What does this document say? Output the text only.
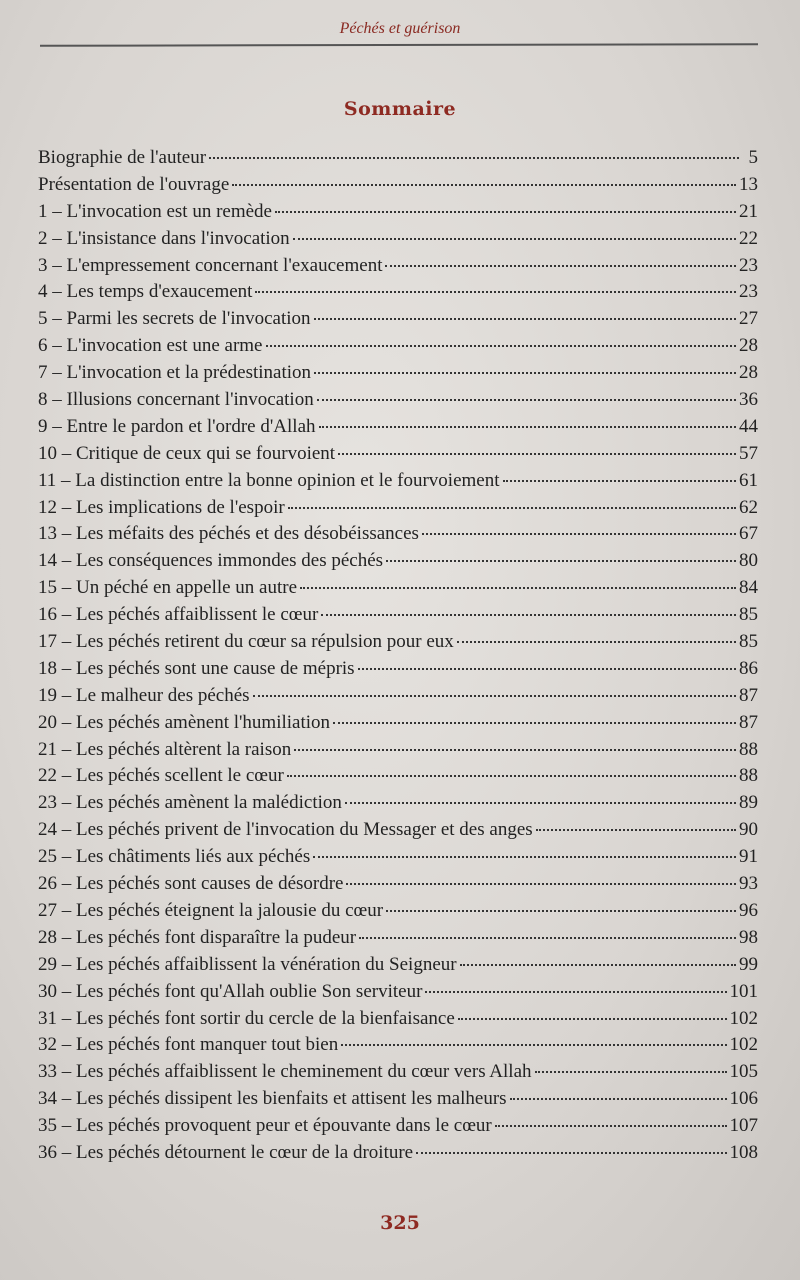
Péchés et guérison
Sommaire
Biographie de l'auteur	5
Présentation de l'ouvrage	13
1 – L'invocation est un remède	21
2 – L'insistance dans l'invocation	22
3 – L'empressement concernant l'exaucement	23
4 – Les temps d'exaucement	23
5 – Parmi les secrets de l'invocation	27
6 – L'invocation est une arme	28
7 – L'invocation et la prédestination	28
8 – Illusions concernant l'invocation	36
9 – Entre le pardon et l'ordre d'Allah	44
10 – Critique de ceux qui se fourvoient	57
11 – La distinction entre la bonne opinion et le fourvoiement	61
12 – Les implications de l'espoir	62
13 – Les méfaits des péchés et des désobéissances	67
14 – Les conséquences immondes des péchés	80
15 – Un péché en appelle un autre	84
16 – Les péchés affaiblissent le cœur	85
17 – Les péchés retirent du cœur sa répulsion pour eux	85
18 – Les péchés sont une cause de mépris	86
19 – Le malheur des péchés	87
20 – Les péchés amènent l'humiliation	87
21 – Les péchés altèrent la raison	88
22 – Les péchés scellent le cœur	88
23 – Les péchés amènent la malédiction	89
24 – Les péchés privent de l'invocation du Messager et des anges	90
25 – Les châtiments liés aux péchés	91
26 – Les péchés sont causes de désordre	93
27 – Les péchés éteignent la jalousie du cœur	96
28 – Les péchés font disparaître la pudeur	98
29 – Les péchés affaiblissent la vénération du Seigneur	99
30 – Les péchés font qu'Allah oublie Son serviteur	101
31 – Les péchés font sortir du cercle de la bienfaisance	102
32 – Les péchés font manquer tout bien	102
33 – Les péchés affaiblissent le cheminement du cœur vers Allah	105
34 – Les péchés dissipent les bienfaits et attisent les malheurs	106
35 – Les péchés provoquent peur et épouvante dans le cœur	107
36 – Les péchés détournent le cœur de la droiture	108
325
